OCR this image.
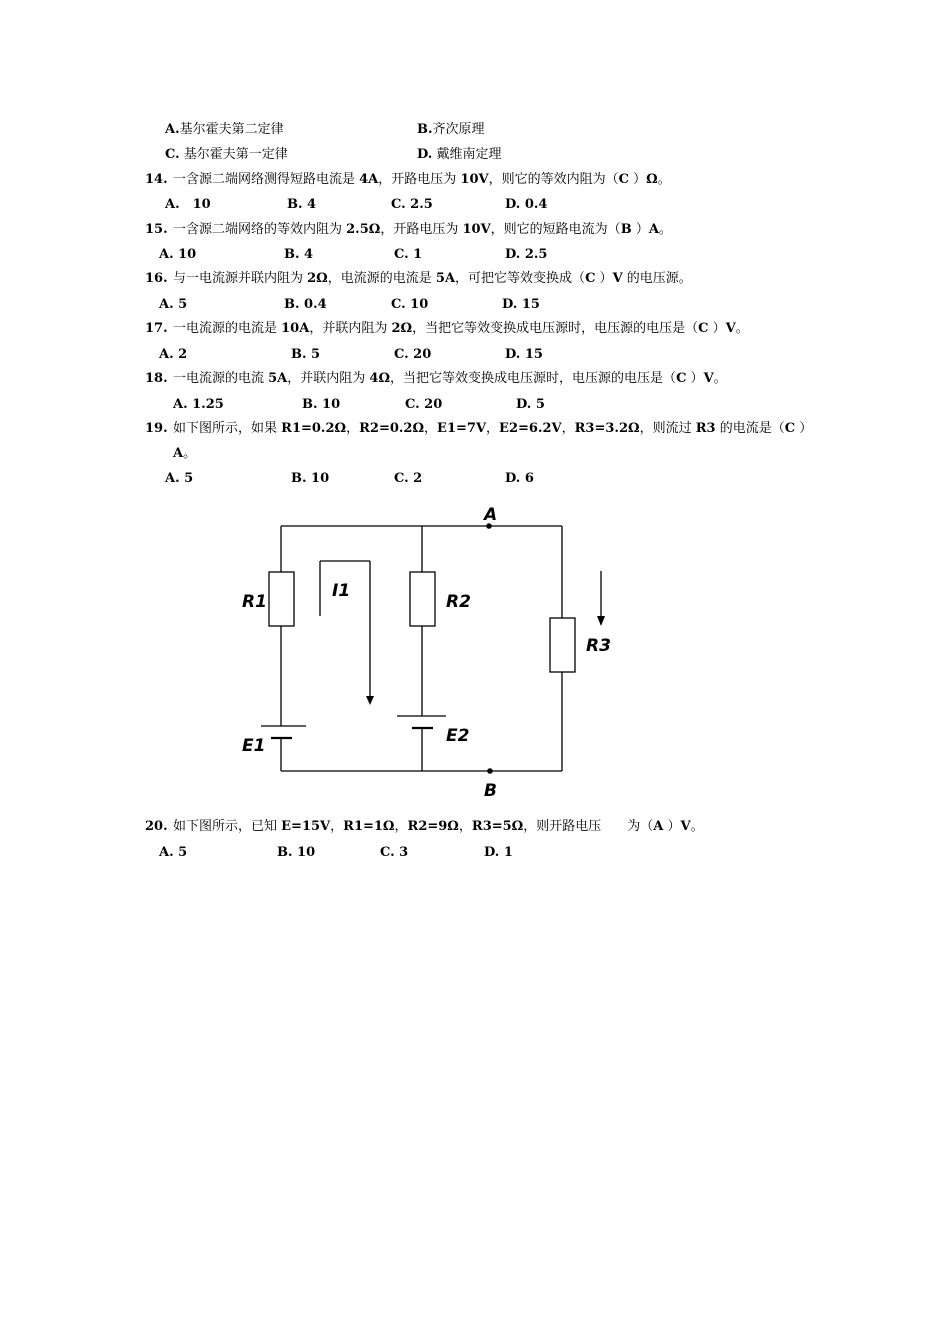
A.基尔霍夫第二定律	B.齐次原理
C. 基尔霍夫第一定律	D. 戴维南定理
14. 一含源二端网络测得短路电流是 4A，开路电压为 10V，则它的等效内阻为（C ）Ω。
A.　10	B. 4	C. 2.5	D. 0.4
15. 一含源二端网络的等效内阻为 2.5Ω，开路电压为 10V，则它的短路电流为（B ）A。
A. 10	B. 4	C. 1	D. 2.5
16. 与一电流源并联内阻为 2Ω，电流源的电流是 5A，可把它等效变换成（C ）V 的电压源。
A. 5	B. 0.4	C. 10	D. 15
17. 一电流源的电流是 10A，并联内阻为 2Ω，当把它等效变换成电压源时，电压源的电压是（C ）V。
A. 2	B. 5	C. 20	D. 15
18. 一电流源的电流 5A，并联内阻为 4Ω，当把它等效变换成电压源时，电压源的电压是（C ）V。
A. 1.25	B. 10	C. 20	D. 5
19. 如下图所示，如果 R1=0.2Ω，R2=0.2Ω，E1=7V，E2=6.2V，R3=3.2Ω，则流过 R3 的电流是（C ）
A。
A. 5	B. 10	C. 2	D. 6
A
B
R1	R2
R3
E1	E2
I1
20. 如下图所示，已知 E=15V，R1=1Ω，R2=9Ω，R3=5Ω，则开路电压　　为（A ）V。
A. 5	B. 10	C. 3	D. 1
